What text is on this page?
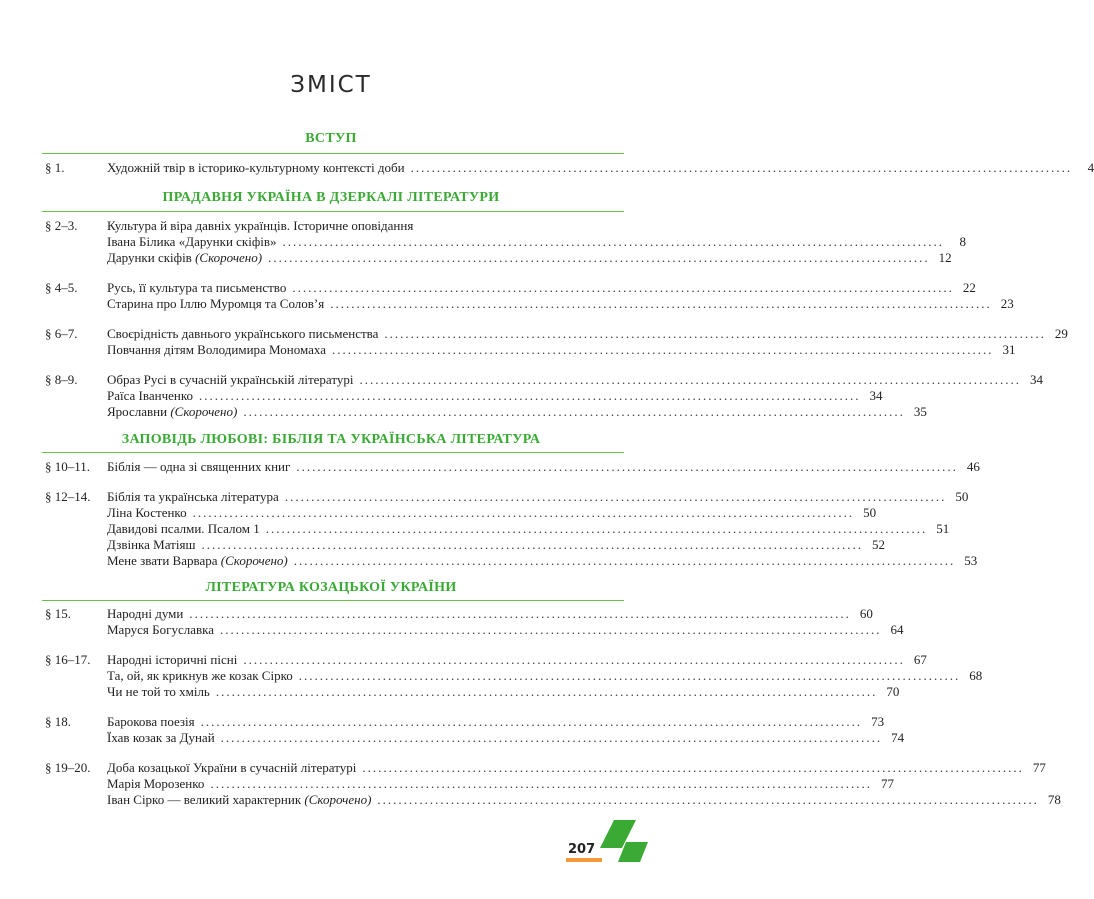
ЗМІСТ
ВСТУП
§ 1.	Художній твір в історико-культурному контексті доби ..............................................................................................................................	4
ПРАДАВНЯ УКРАЇНА В ДЗЕРКАЛІ ЛІТЕРАТУРИ
§ 2–3. Культура й віра давніх українців. Історичне оповідання
Івана Білика «Дарунки скіфів» ..............................................................................................................................	8
Дарунки скіфів (Скорочено) .............................................................................................................................. 12
§ 4–5. Русь, її культура та письменство .............................................................................................................................. 22
Старина про Іллю Муромця та Солов’я .............................................................................................................................. 23
§ 6–7. Своєрідність давнього українського письменства .............................................................................................................................. 29
Повчання дітям Володимира Мономаха .............................................................................................................................. 31
§ 8–9. Образ Русі в сучасній українській літературі .............................................................................................................................. 34
Раїса Іванченко .............................................................................................................................. 34
Ярославни (Скорочено) .............................................................................................................................. 35
ЗАПОВІДЬ ЛЮБОВІ: БІБЛІЯ ТА УКРАЇНСЬКА ЛІТЕРАТУРА
§ 10–11. Біблія — одна зі священних книг .............................................................................................................................. 46
§ 12–14. Біблія та українська література .............................................................................................................................. 50
Ліна Костенко .............................................................................................................................. 50
Давидові псалми. Псалом 1 .............................................................................................................................. 51
Дзвінка Матіяш .............................................................................................................................. 52
Мене звати Варвара (Скорочено) .............................................................................................................................. 53
ЛІТЕРАТУРА КОЗАЦЬКОЇ УКРАЇНИ
§ 15.	Народні думи .............................................................................................................................. 60
Маруся Богуславка .............................................................................................................................. 64
§ 16–17. Народні історичні пісні .............................................................................................................................. 67
Та, ой, як крикнув же козак Сірко .............................................................................................................................. 68
Чи не той то хміль .............................................................................................................................. 70
§ 18.	Барокова поезія .............................................................................................................................. 73
Їхав козак за Дунай .............................................................................................................................. 74
§ 19–20. Доба козацької України в сучасній літературі .............................................................................................................................. 77
Марія Морозенко .............................................................................................................................. 77
Іван Сірко — великий характерник (Скорочено) .............................................................................................................................. 78
207
